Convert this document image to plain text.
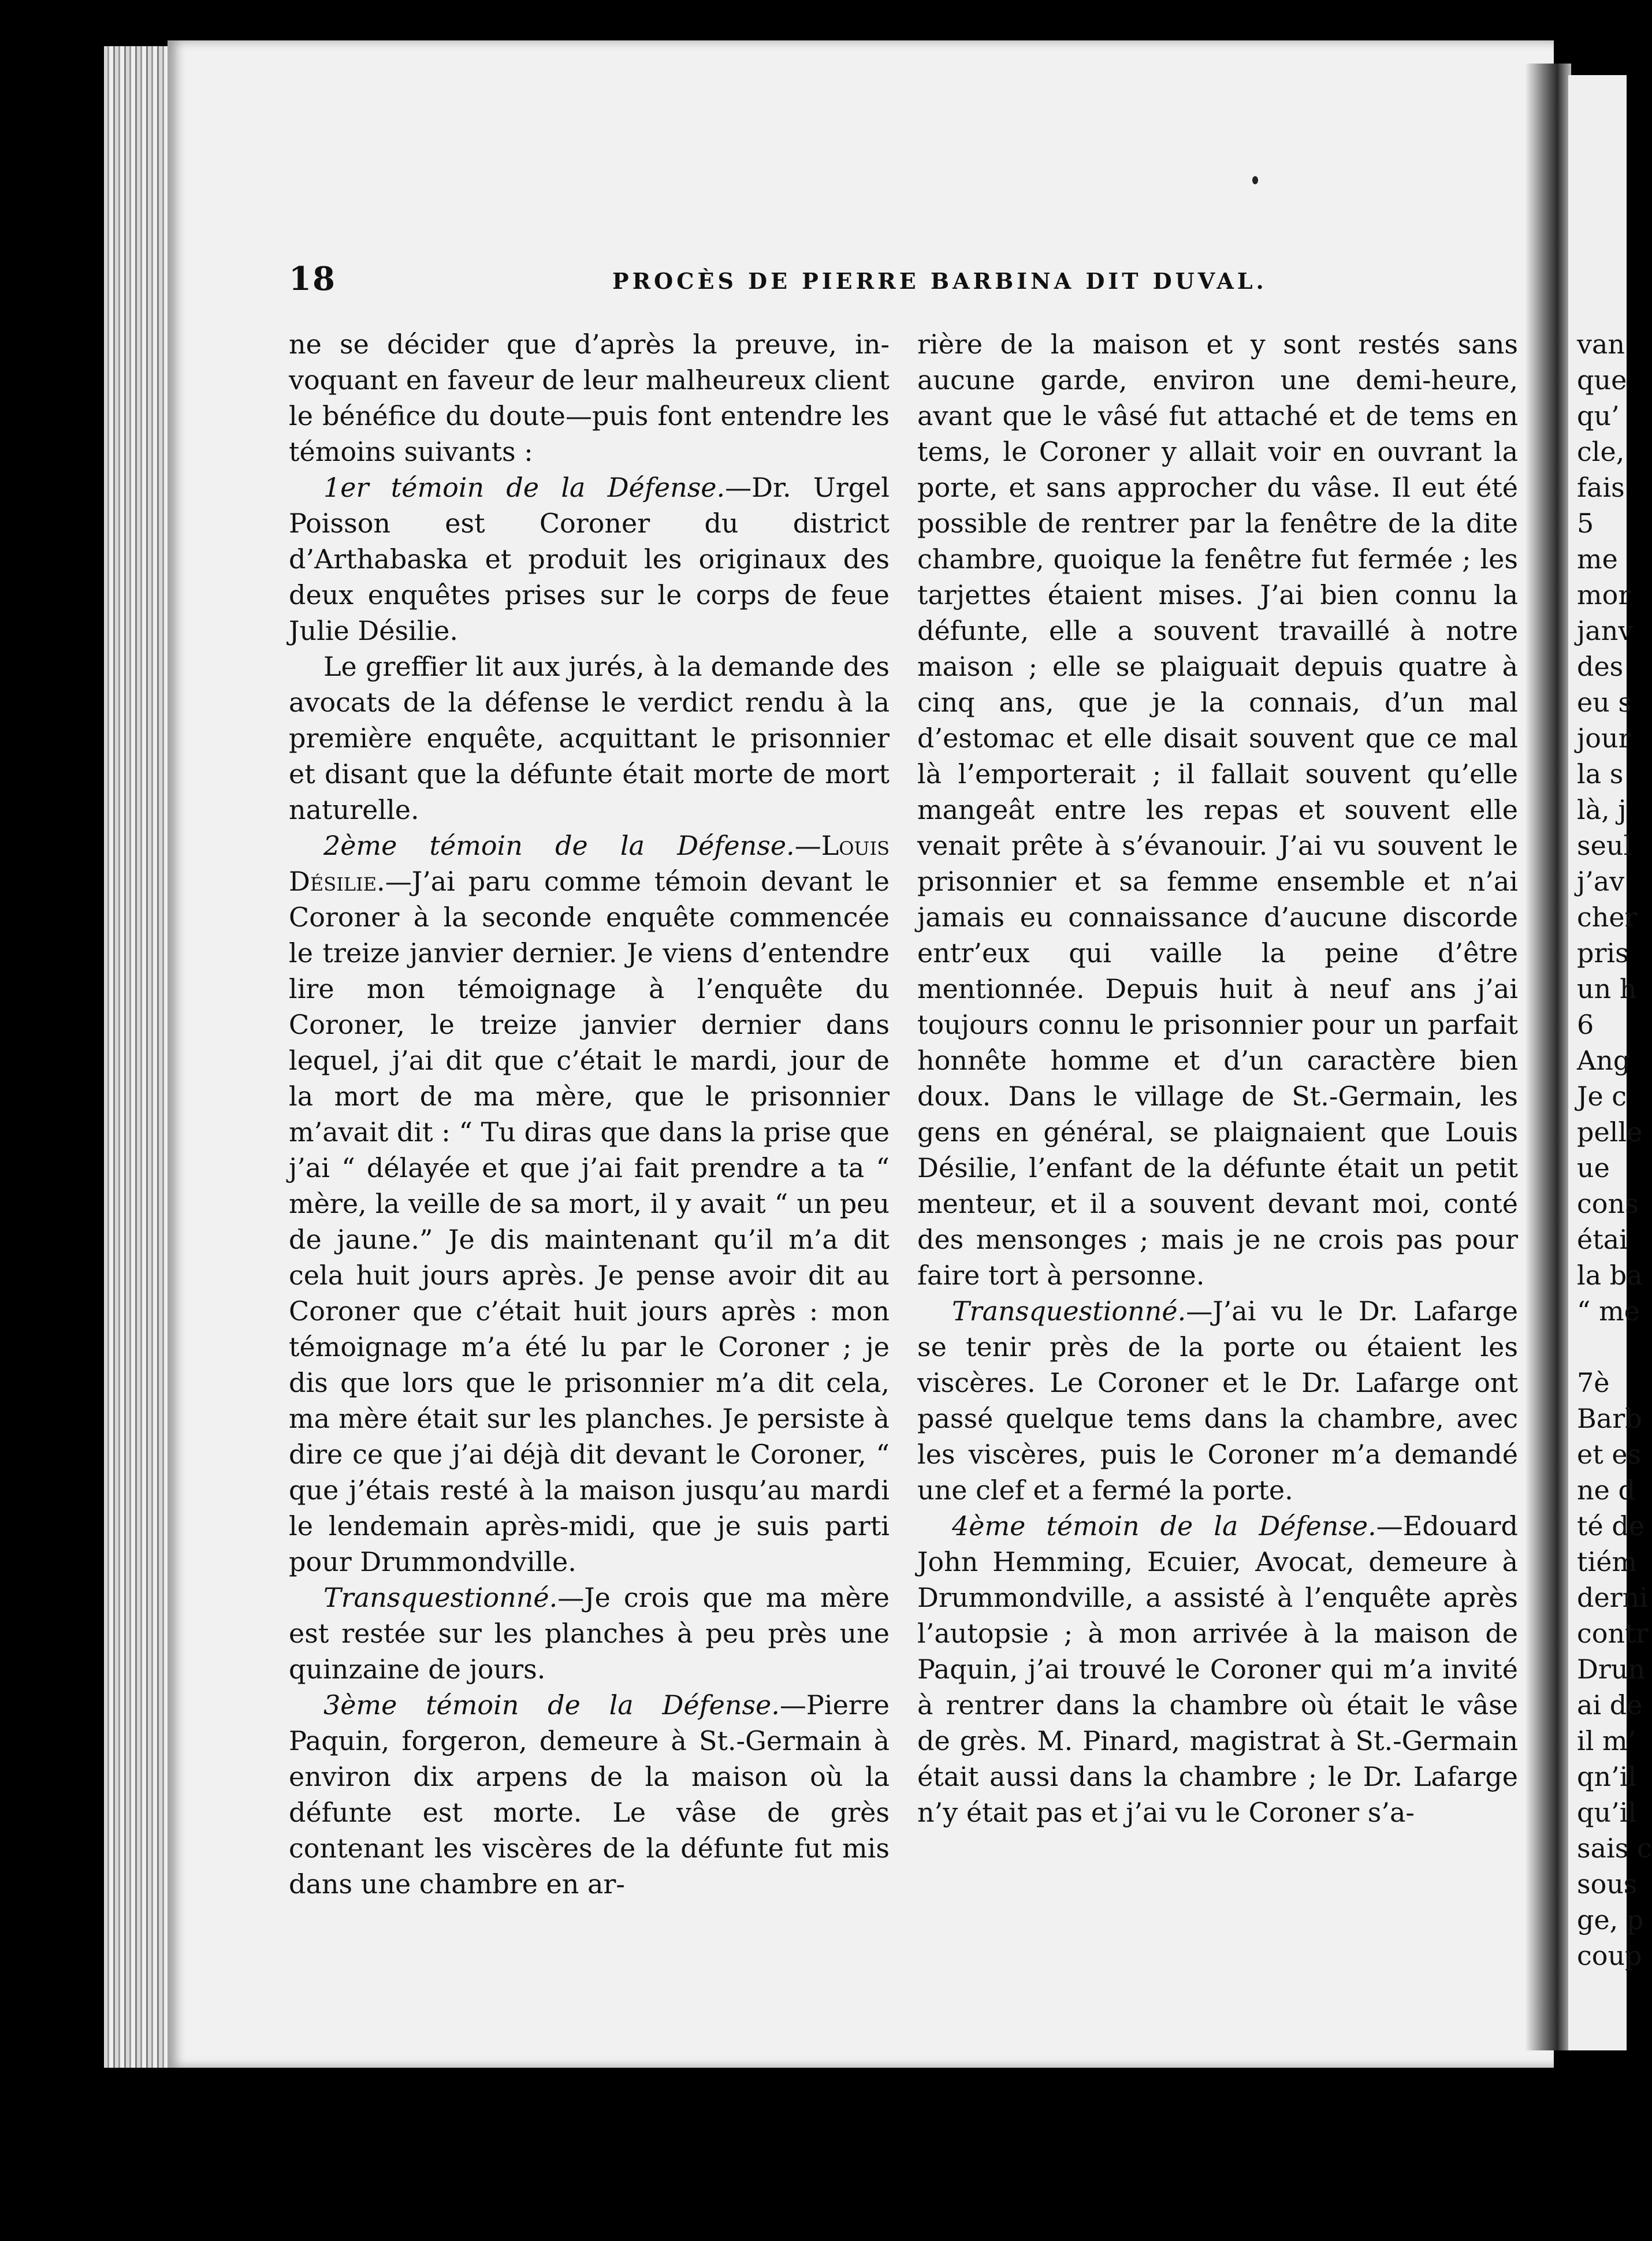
18	PROCÈS DE PIERRE BARBINA DIT DUVAL.

ne se décider que d’après la preuve, in-voquant en faveur de leur malheureux client le bénéfice du doute—puis font entendre les témoins suivants :

1er témoin de la Défense.—Dr. Urgel Poisson est Coroner du district d’Arthabaska et produit les originaux des deux enquêtes prises sur le corps de feue Julie Désilie.

Le greffier lit aux jurés, à la demande des avocats de la défense le verdict rendu à la première enquête, acquittant le prisonnier et disant que la défunte était morte de mort naturelle.

2ème témoin de la Défense.—Louis Désilie.—J’ai paru comme témoin devant le Coroner à la seconde enquête commencée le treize janvier dernier. Je viens d’entendre lire mon témoignage à l’enquête du Coroner, le treize janvier dernier dans lequel, j’ai dit que c’était le mardi, jour de la mort de ma mère, que le prisonnier m’avait dit : “ Tu diras que dans la prise que j’ai “ délayée et que j’ai fait prendre a ta “ mère, la veille de sa mort, il y avait “ un peu de jaune.” Je dis maintenant qu’il m’a dit cela huit jours après. Je pense avoir dit au Coroner que c’était huit jours après : mon témoignage m’a été lu par le Coroner ; je dis que lors que le prisonnier m’a dit cela, ma mère était sur les planches. Je persiste à dire ce que j’ai déjà dit devant le Coroner, “ que j’étais resté à la maison jusqu’au mardi le lendemain après-midi, que je suis parti pour Drummondville.

Transquestionné.—Je crois que ma mère est restée sur les planches à peu près une quinzaine de jours.

3ème témoin de la Défense.—Pierre Paquin, forgeron, demeure à St.-Germain à environ dix arpens de la maison où la défunte est morte. Le vâse de grès contenant les viscères de la défunte fut mis dans une chambre en ar-

rière de la maison et y sont restés sans aucune garde, environ une demi-heure, avant que le vâsé fut attaché et de tems en tems, le Coroner y allait voir en ouvrant la porte, et sans approcher du vâse. Il eut été possible de rentrer par la fenêtre de la dite chambre, quoique la fenêtre fut fermée ; les tarjettes étaient mises. J’ai bien connu la défunte, elle a souvent travaillé à notre maison ; elle se plaiguait depuis quatre à cinq ans, que je la connais, d’un mal d’estomac et elle disait souvent que ce mal là l’emporterait ; il fallait souvent qu’elle mangeât entre les repas et souvent elle venait prête à s’évanouir. J’ai vu souvent le prisonnier et sa femme ensemble et n’ai jamais eu connaissance d’aucune discorde entr’eux qui vaille la peine d’être mentionnée. Depuis huit à neuf ans j’ai toujours connu le prisonnier pour un parfait honnête homme et d’un caractère bien doux. Dans le village de St.-Germain, les gens en général, se plaignaient que Louis Désilie, l’enfant de la défunte était un petit menteur, et il a souvent devant moi, conté des mensonges ; mais je ne crois pas pour faire tort à personne.

Transquestionné.—J’ai vu le Dr. Lafarge se tenir près de la porte ou étaient les viscères. Le Coroner et le Dr. Lafarge ont passé quelque tems dans la chambre, avec les viscères, puis le Coroner m’a demandé une clef et a fermé la porte.

4ème témoin de la Défense.—Edouard John Hemming, Ecuier, Avocat, demeure à Drummondville, a assisté à l’enquête après l’autopsie ; à mon arrivée à la maison de Paquin, j’ai trouvé le Coroner qui m’a invité à rentrer dans la chambre où était le vâse de grès. M. Pinard, magistrat à St.-Germain était aussi dans la chambre ; le Dr. Lafarge n’y était pas et j’ai vu le Coroner s’a-

van
que
qu’
cle,
fais
5
me
mor
janv
des
eu s
jour
la s
là, j
seul
j’av
cher
pris
un h
6
Ang
Je c
pelle
ue
cons
étai
la ba
“ me
7è
Barb
et es
ne d
té de
tiém
derni
contr
Drun
ai de
il m’
qn’il
qu’il
sais c
sous
ge, p
coup
